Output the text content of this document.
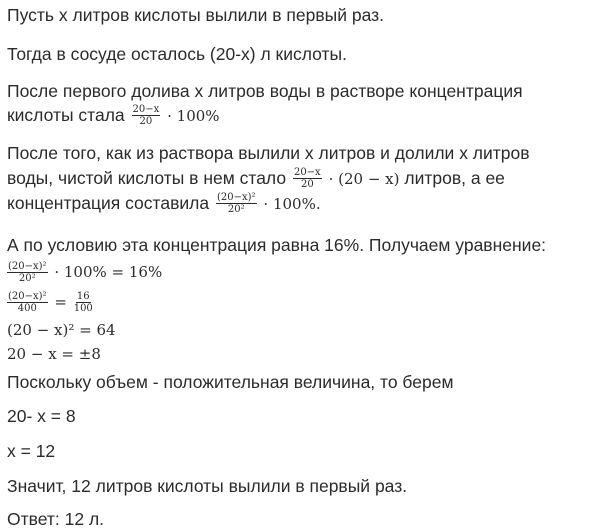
Пусть х литров кислоты вылили в первый раз.
Тогда в сосуде осталось (20-х) л кислоты.
После первого долива х литров воды в растворе концентрация
кислоты стала $\frac{20-x}{20} \cdot 100\%$
После того, как из раствора вылили х литров и долили х литров
воды, чистой кислоты в нем стало $\frac{20-x}{20} \cdot (20 - x)$ литров, а ее
концентрация составила $\frac{\text{(20−x)²}}{\text{20²}} \cdot 100\%$.
А по условию эта концентрация равна 16%. Получаем уравнение:
$\frac{\text{(20−x)²}}{\text{20²}} \cdot 100\% = 16\%$
$\frac{\text{(20−x)²}}{400} = \frac{16}{100}$
(20 − x)² = 64
20 − x = ±8
Поскольку объем - положительная величина, то берем
20- х = 8
х = 12
Значит, 12 литров кислоты вылили в первый раз.
Ответ: 12 л.
